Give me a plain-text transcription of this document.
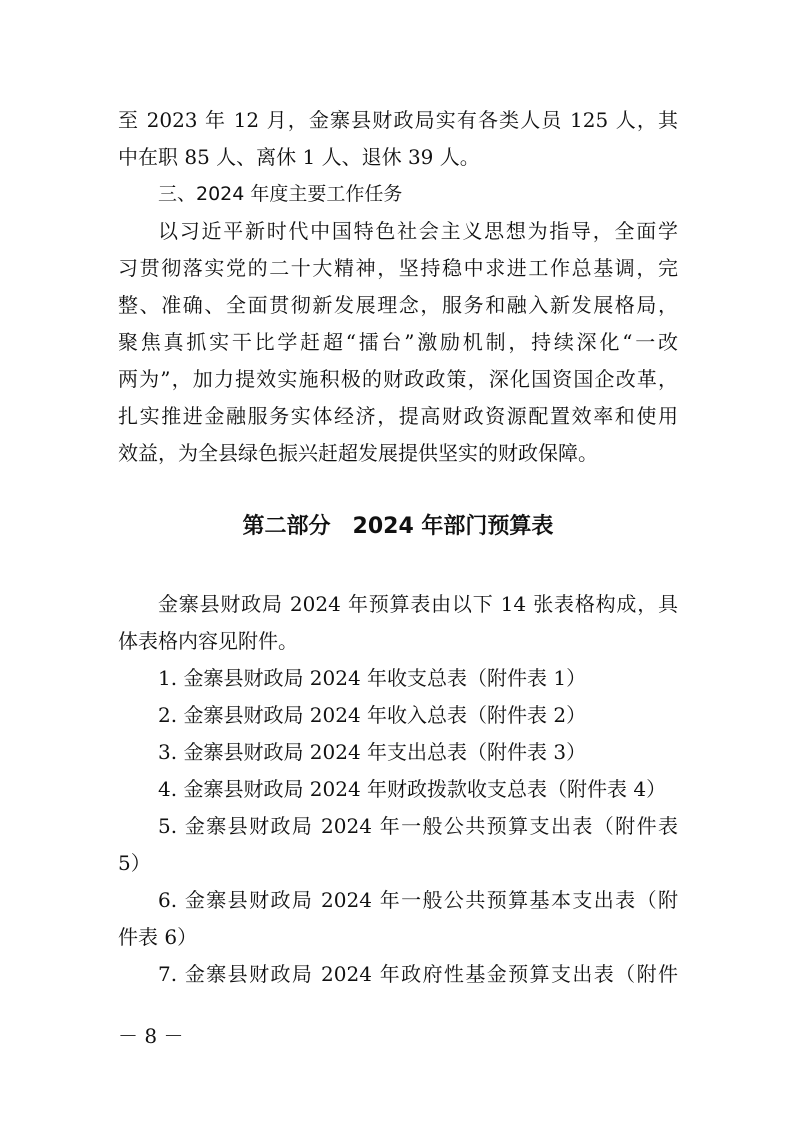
至 2023 年 12 月，金寨县财政局实有各类人员 125 人，其

中在职 85 人、离休 1 人、退休 39 人。

三、2024 年度主要工作任务

以习近平新时代中国特色社会主义思想为指导，全面学

习贯彻落实党的二十大精神，坚持稳中求进工作总基调，完

整、准确、全面贯彻新发展理念，服务和融入新发展格局，

聚焦真抓实干比学赶超“擂台”激励机制，持续深化“一改

两为”，加力提效实施积极的财政政策，深化国资国企改革，

扎实推进金融服务实体经济，提高财政资源配置效率和使用

效益，为全县绿色振兴赶超发展提供坚实的财政保障。

第二部分　2024 年部门预算表

金寨县财政局 2024 年预算表由以下 14 张表格构成，具

体表格内容见附件。

1. 金寨县财政局 2024 年收支总表（附件表 1）

2. 金寨县财政局 2024 年收入总表（附件表 2）

3. 金寨县财政局 2024 年支出总表（附件表 3）

4. 金寨县财政局 2024 年财政拨款收支总表（附件表 4）

5. 金寨县财政局 2024 年一般公共预算支出表（附件表

5）

6. 金寨县财政局 2024 年一般公共预算基本支出表（附

件表 6）

7. 金寨县财政局 2024 年政府性基金预算支出表（附件

－ 8 －
